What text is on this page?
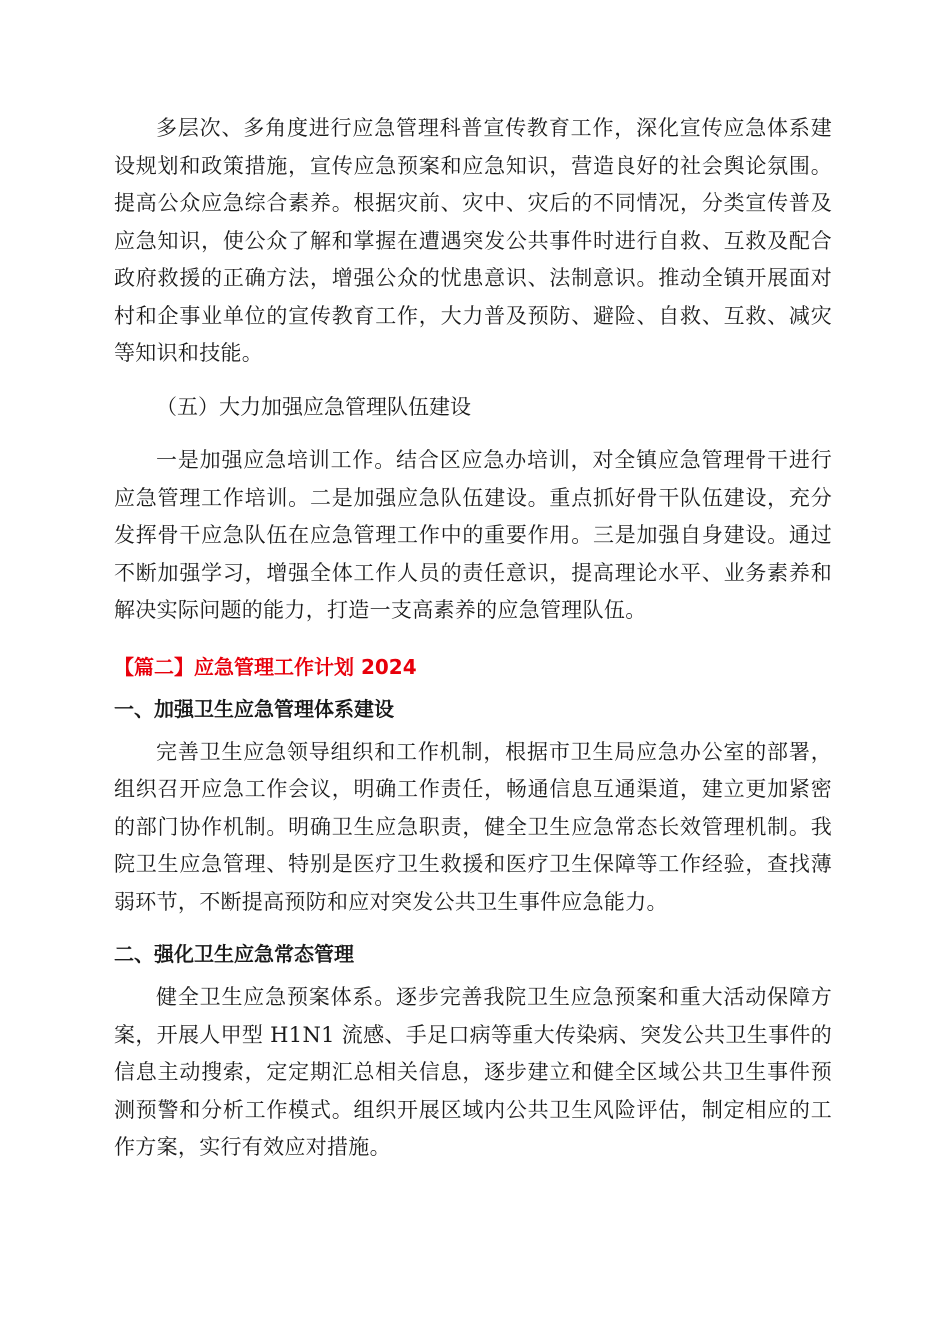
多层次、多角度进行应急管理科普宣传教育工作，深化宣传应急体系建设规划和政策措施，宣传应急预案和应急知识，营造良好的社会舆论氛围。提高公众应急综合素养。根据灾前、灾中、灾后的不同情况，分类宣传普及应急知识，使公众了解和掌握在遭遇突发公共事件时进行自救、互救及配合政府救援的正确方法，增强公众的忧患意识、法制意识。推动全镇开展面对村和企事业单位的宣传教育工作，大力普及预防、避险、自救、互救、减灾等知识和技能。

（五）大力加强应急管理队伍建设

一是加强应急培训工作。结合区应急办培训，对全镇应急管理骨干进行应急管理工作培训。二是加强应急队伍建设。重点抓好骨干队伍建设，充分发挥骨干应急队伍在应急管理工作中的重要作用。三是加强自身建设。通过不断加强学习，增强全体工作人员的责任意识，提高理论水平、业务素养和解决实际问题的能力，打造一支高素养的应急管理队伍。

【篇二】应急管理工作计划 2024
一、加强卫生应急管理体系建设

完善卫生应急领导组织和工作机制，根据市卫生局应急办公室的部署，组织召开应急工作会议，明确工作责任，畅通信息互通渠道，建立更加紧密的部门协作机制。明确卫生应急职责，健全卫生应急常态长效管理机制。我院卫生应急管理、特别是医疗卫生救援和医疗卫生保障等工作经验，查找薄弱环节，不断提高预防和应对突发公共卫生事件应急能力。

二、强化卫生应急常态管理

健全卫生应急预案体系。逐步完善我院卫生应急预案和重大活动保障方案，开展人甲型 H1N1 流感、手足口病等重大传染病、突发公共卫生事件的信息主动搜索，定定期汇总相关信息，逐步建立和健全区域公共卫生事件预测预警和分析工作模式。组织开展区域内公共卫生风险评估，制定相应的工作方案，实行有效应对措施。
